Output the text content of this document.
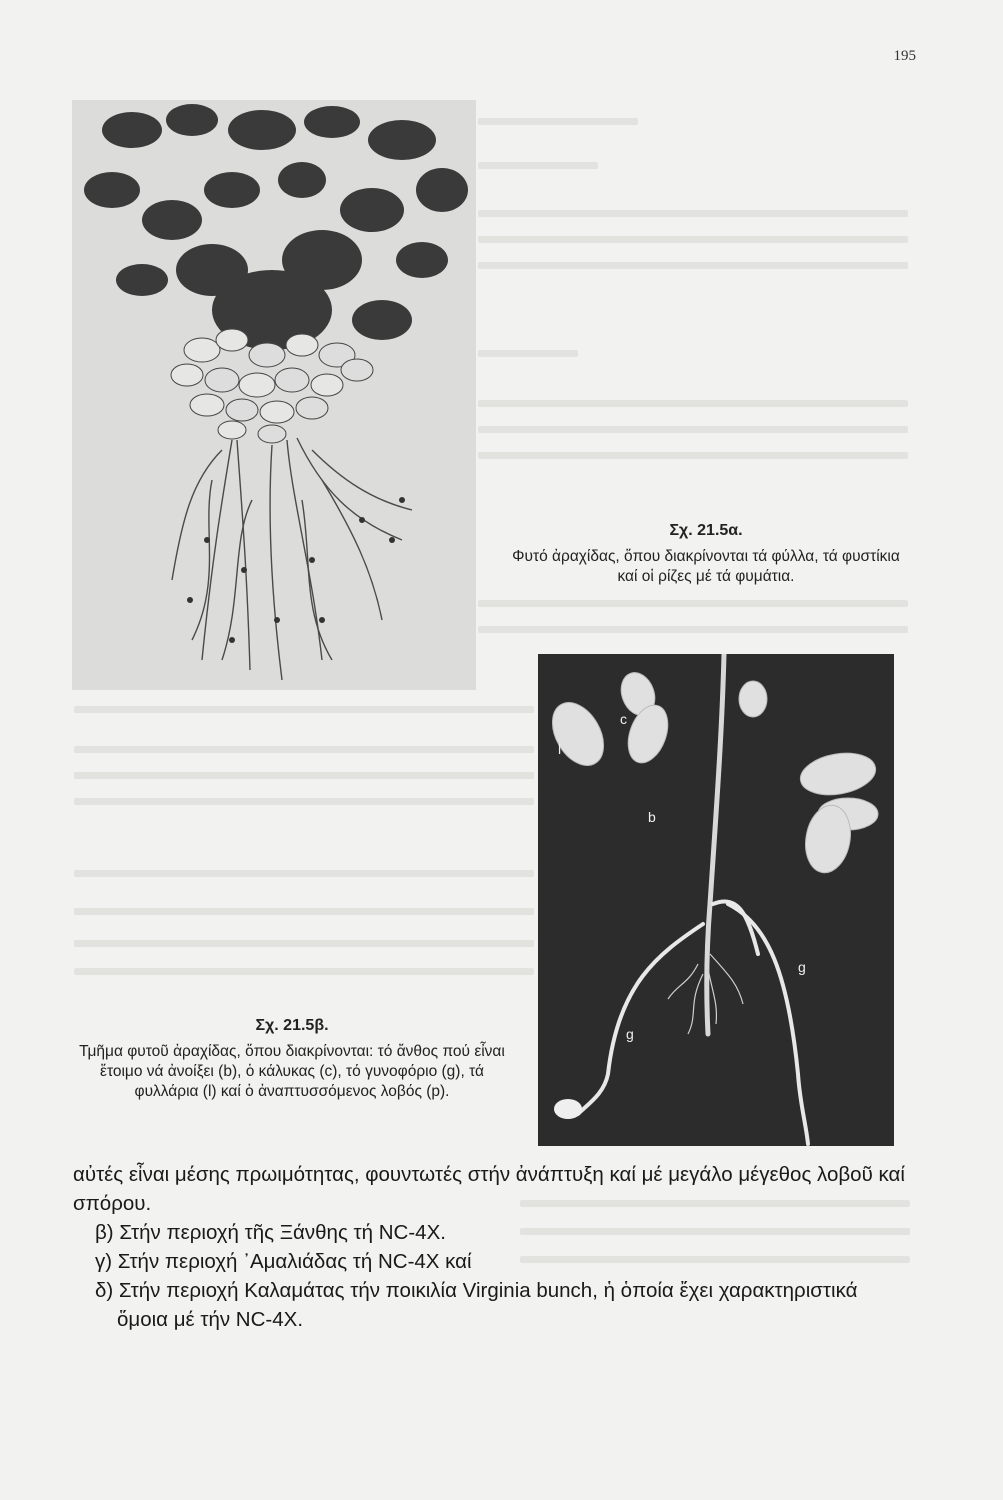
195
Σχ. 21.5α.
Φυτό ἀραχίδας, ὅπου διακρίνονται τά φύλλα, τά φυστίκια καί οἱ ρίζες μέ τά φυμάτια.
c
l
b
g
g
p.
Σχ. 21.5β.
Τμῆμα φυτοῦ ἀραχίδας, ὅπου διακρίνονται: τό ἄνθος πού εἶναι ἕτοιμο νά ἀνοίξει (b), ὁ κάλυκας (c), τό γυνοφόριο (g), τά φυλλάρια (l) καί ὁ ἀναπτυσσόμενος λοβός (p).

αὐτές εἶναι μέσης πρωιμότητας, φουντωτές στήν ἀνάπτυξη καί μέ μεγάλο μέγεθος λοβοῦ καί σπόρου.

β) Στήν περιοχή τῆς Ξάνθης τή NC-4X.

γ) Στήν περιοχή ᾿Αμαλιάδας τή NC-4X καί

δ) Στήν περιοχή Καλαμάτας τήν ποικιλία Virginia bunch, ἡ ὁποία ἔχει χαρακτηριστικά ὅμοια μέ τήν NC-4X.
